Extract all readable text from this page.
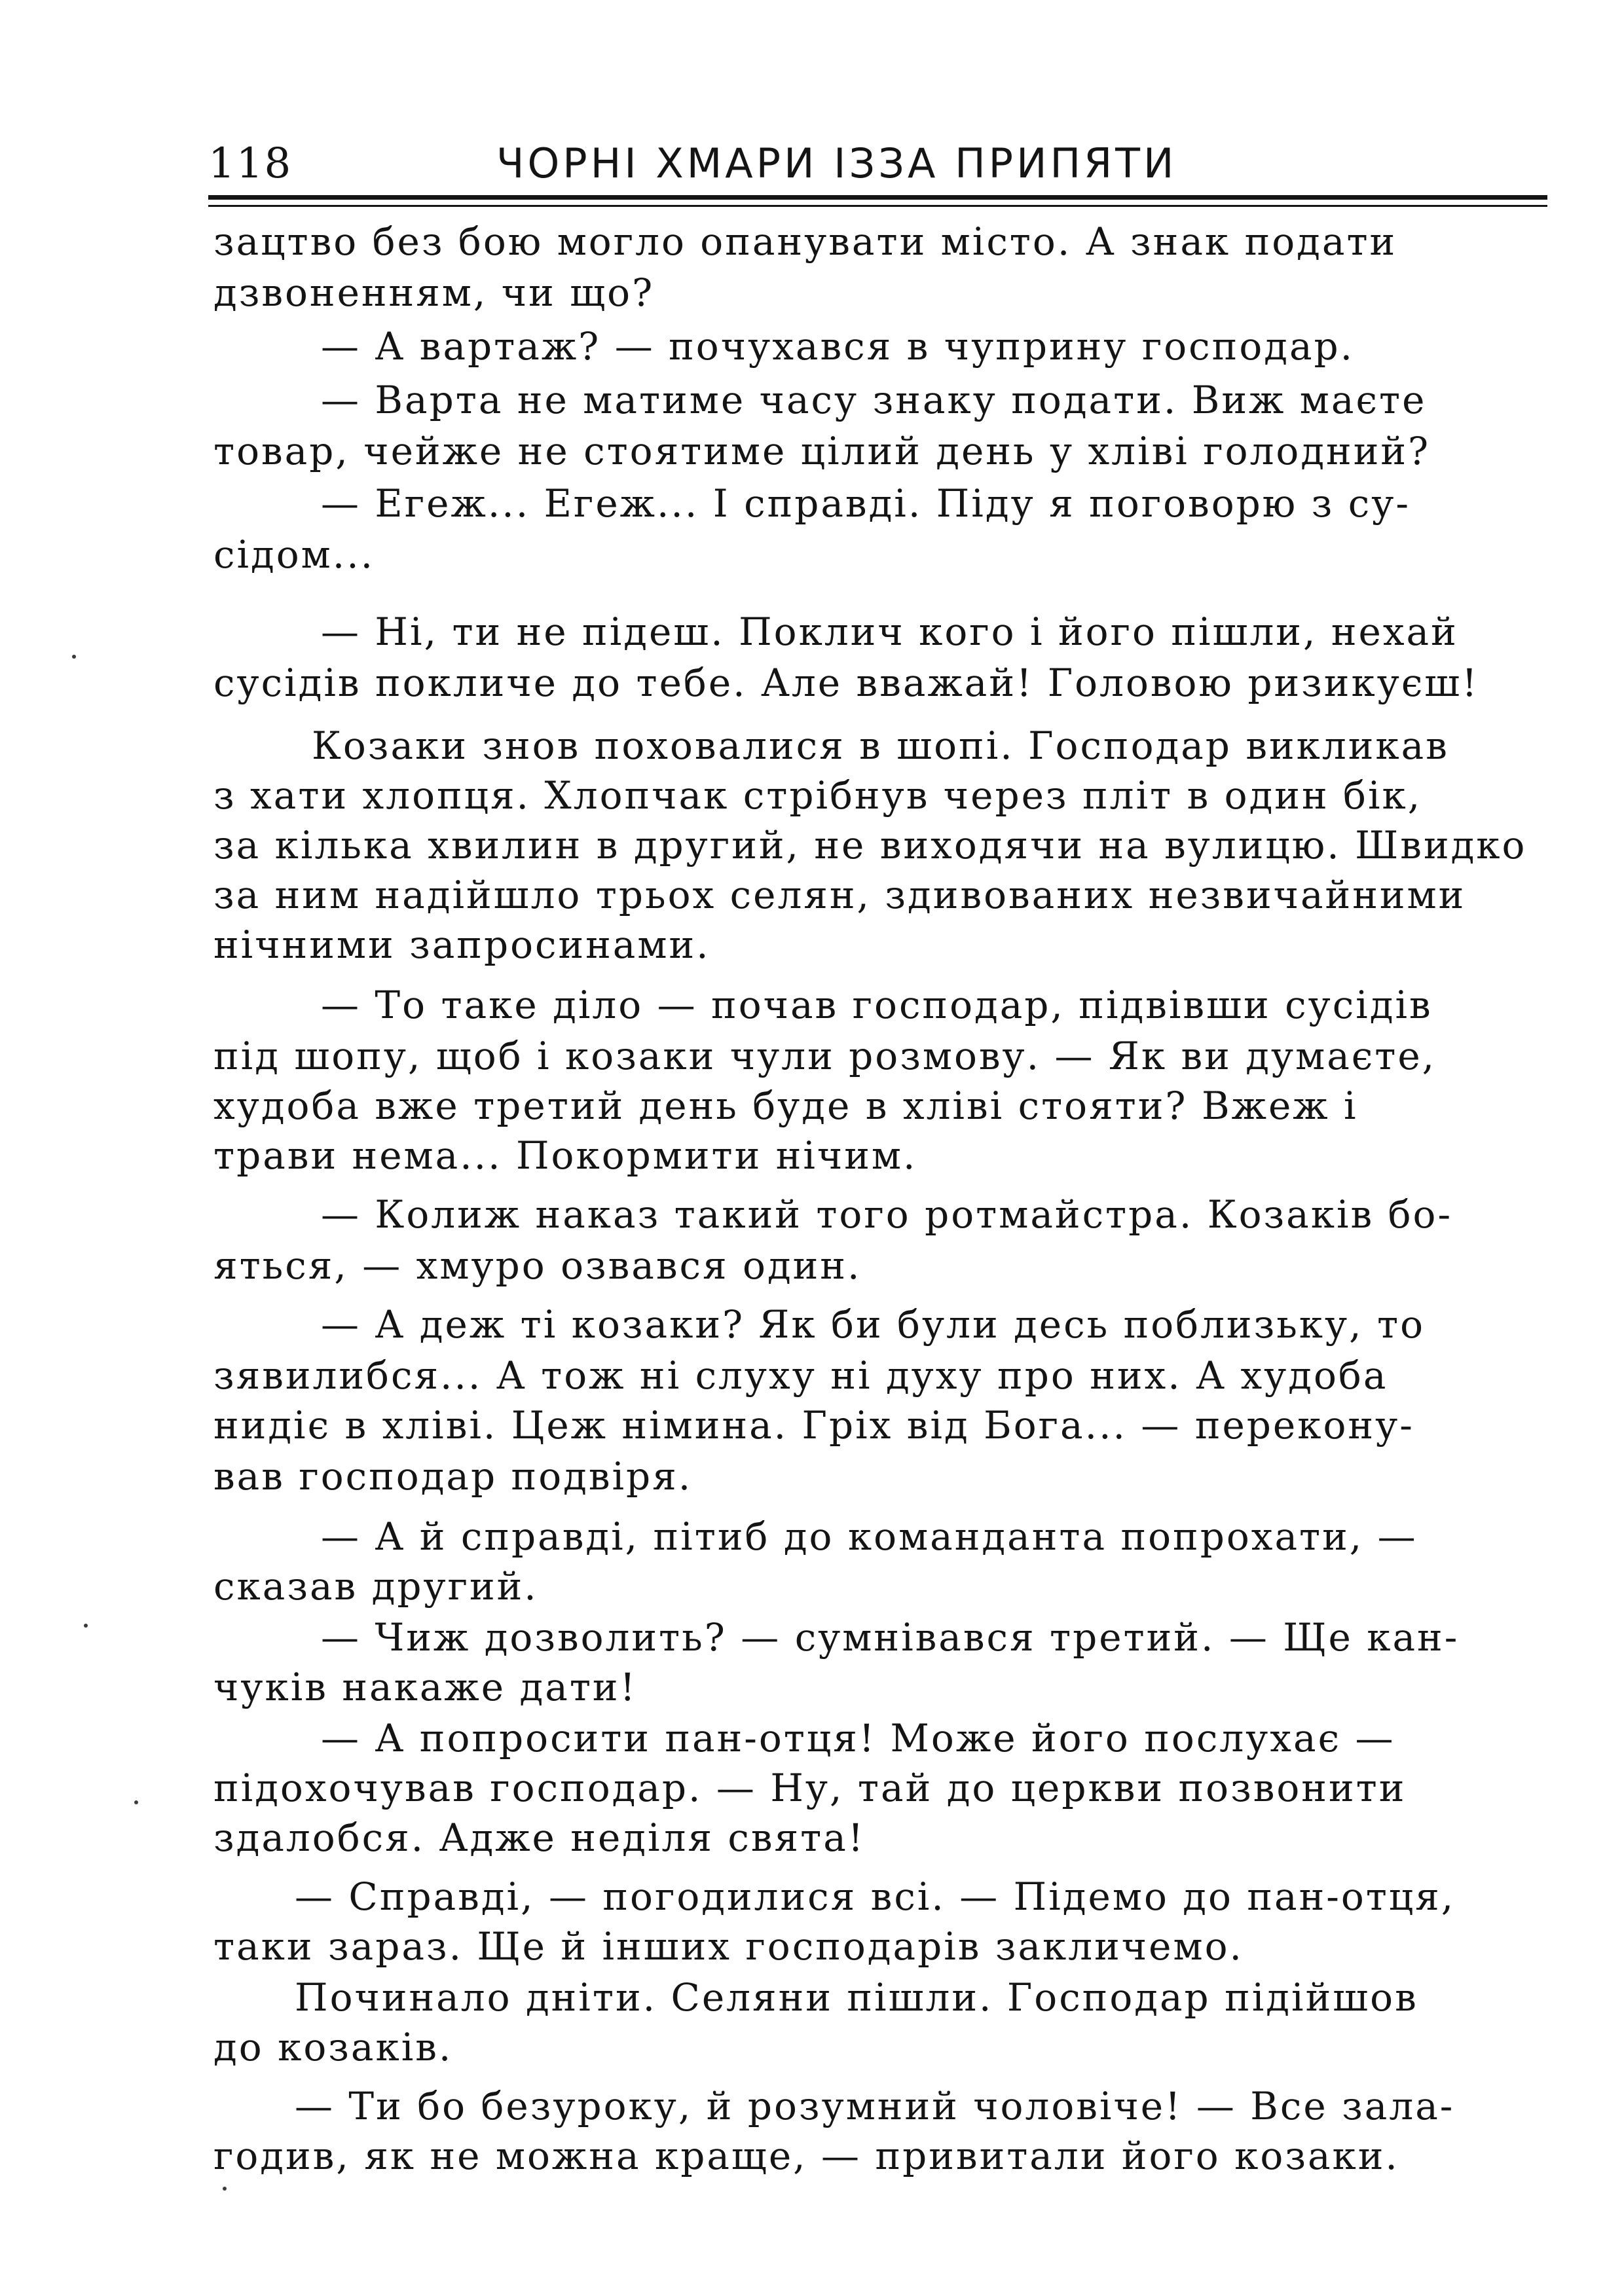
118	ЧОРНІ ХМАРИ ІЗЗА ПРИПЯТИ
зацтво без бою могло опанувати місто. А знак подати
дзвоненням, чи що?
— А вартаж? — почухався в чуприну господар.
— Варта не матиме часу знаку подати. Виж маєте
товар, чейже не стоятиме цілий день у хліві голодний?
— Егеж... Егеж... І справді. Піду я поговорю з су-
сідом...
— Ні, ти не підеш. Поклич кого і його пішли, нехай
сусідів покличе до тебе. Але вважай! Головою ризикуєш!
Козаки знов поховалися в шопі. Господар викликав
з хати хлопця. Хлопчак стрібнув через пліт в один бік,
за кілька хвилин в другий, не виходячи на вулицю. Швидко
за ним надійшло трьох селян, здивованих незвичайними
нічними запросинами.
— То таке діло — почав господар, підвівши сусідів
під шопу, щоб і козаки чули розмову. — Як ви думаєте,
худоба вже третий день буде в хліві стояти? Вжеж і
трави нема... Покормити нічим.
— Колиж наказ такий того ротмайстра. Козаків бо-
яться, — хмуро озвався один.
— А деж ті козаки? Як би були десь поблизьку, то
зявилибся... А тож ні слуху ні духу про них. А худоба
нидіє в хліві. Цеж німина. Гріх від Бога... — перекону-
вав господар подвіря.
— А й справді, пітиб до команданта попрохати, —
сказав другий.
— Чиж дозволить? — сумнівався третий. — Ще кан-
чуків накаже дати!
— А попросити пан-отця! Може його послухає —
підохочував господар. — Ну, тай до церкви позвонити
здалобся. Адже неділя свята!
— Справді, — погодилися всі. — Підемо до пан-отця,
таки зараз. Ще й інших господарів закличемо.
Починало дніти. Селяни пішли. Господар підійшов
до козаків.
— Ти бо безуроку, й розумний чоловіче! — Все зала-
годив, як не можна краще, — привитали його козаки.
